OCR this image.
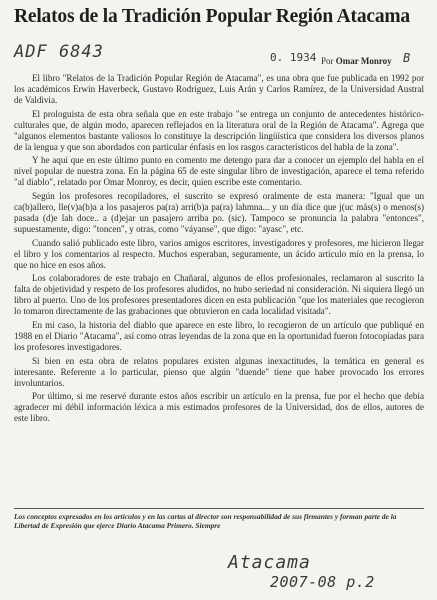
Relatos de la Tradición Popular Región Atacama
ADF 6843	0. 1934	B
Por Omar Monroy

El libro "Relatos de la Tradición Popular Región de Atacama", es una obra que fue publicada en 1992 por los académicos Erwin Haverbeck, Gustavo Rodríguez, Luis Arán y Carlos Ramírez, de la Universidad Austral de Valdivia.

El prologuista de esta obra señala que en este trabajo "se entrega un conjunto de antecedentes histórico-culturales que, de algún modo, aparecen reflejados en la literatura oral de la Región de Atacama". Agrega que "algunos elementos bastante valiosos lo constituye la descripción lingüística que considera los diversos planos de la lengua y que son abordados con particular énfasis en los rasgos característicos del habla de la zona".

Y he aquí que en este último punto en comento me detengo para dar a conocer un ejemplo del habla en el nivel popular de nuestra zona. En la página 65 de este singular libro de investigación, aparece el tema referido "al diablo", relatado por Omar Monroy, es decir, quien escribe este comentario.

Según los profesores recopiladores, el suscrito se expresó oralmente de esta manera: "Igual que un ca(b)allero, lle(v)a(b)a a los pasajeros pa(ra) arri(b)a pa(ra) lahmna... y un día dice que j(uc más(s) o menos(s) pasada (d)e lah doce.. a (d)ejar un pasajero arriba po. (sic). Tampoco se pronuncia la palabra "entonces", supuestamente, digo: "toncen", y otras, como "váyanse", que digo: "ayasc", etc.

Cuando salió publicado este libro, varios amigos escritores, investigadores y profesores, me hicieron llegar el libro y los comentarios al respecto. Muchos esperaban, seguramente, un ácido artículo mío en la prensa, lo que no hice en esos años.

Los colaboradores de este trabajo en Chañaral, algunos de ellos profesionales, reclamaron al suscrito la falta de objetividad y respeto de los profesores aludidos, no hubo seriedad ni consideración. Ni siquiera llegó un libro al puerto. Uno de los profesores presentadores dicen en esta publicación "que los materiales que recogieron lo tomaron directamente de las grabaciones que obtuvieron en cada localidad visitada".

En mi caso, la historia del diablo que aparece en este libro, lo recogieron de un artículo que publiqué en 1988 en el Diario "Atacama", así como otras leyendas de la zona que en la oportunidad fueron fotocopiadas para los profesores investigadores.

Si bien en esta obra de relatos populares existen algunas inexactitudes, la temática en general es interesante. Referente a lo particular, pienso que algún "duende" tiene que haber provocado los errores involuntarios.

Por último, si me reservé durante estos años escribir un artículo en la prensa, fue por el hecho que debía agradecer mi débil información léxica a mis estimados profesores de la Universidad, dos de ellos, autores de este libro.

Los conceptos expresados en los artículos y en las cartas al director son responsabilidad de sus firmantes y forman parte de la Libertad de Expresión que ejerce Diario Atacama Primero. Siempre
Atacama
2007-08 p.2
